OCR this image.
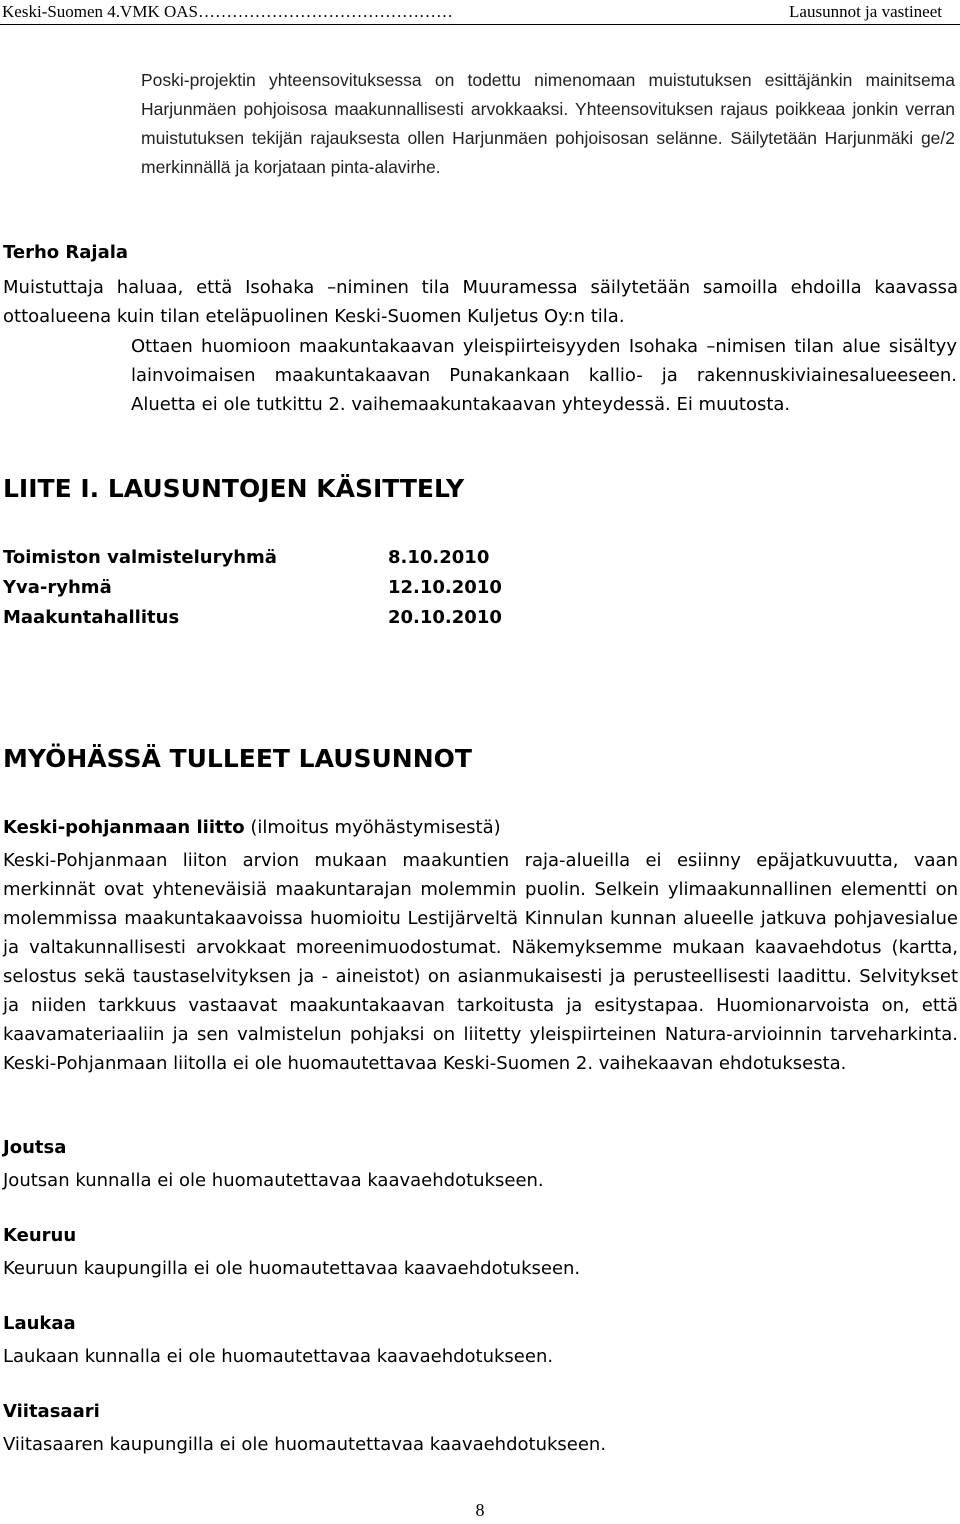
Keski-Suomen 4.VMK OAS………………………………………	Lausunnot ja vastineet
Poski-projektin yhteensovituksessa on todettu nimenomaan muistutuksen esittäjänkin mainitsema Harjunmäen pohjoisosa maakunnallisesti arvokkaaksi. Yhteensovituksen rajaus poikkeaa jonkin verran muistutuksen tekijän rajauksesta ollen Harjunmäen pohjoisosan selänne. Säilytetään Harjunmäki ge/2 merkinnällä ja korjataan pinta-alavirhe.
Terho Rajala
Muistuttaja haluaa, että Isohaka –niminen tila Muuramessa säilytetään samoilla ehdoilla kaavassa ottoalueena kuin tilan eteläpuolinen Keski-Suomen Kuljetus Oy:n tila.
Ottaen huomioon maakuntakaavan yleispiirteisyyden Isohaka –nimisen tilan alue sisältyy lainvoimaisen maakuntakaavan Punakankaan kallio- ja rakennuskiviainesalueeseen. Aluetta ei ole tutkittu 2. vaihemaakuntakaavan yhteydessä. Ei muutosta.
LIITE I. LAUSUNTOJEN KÄSITTELY
Toimiston valmisteluryhmä	8.10.2010
Yva-ryhmä	12.10.2010
Maakuntahallitus	20.10.2010
MYÖHÄSSÄ TULLEET LAUSUNNOT
Keski-pohjanmaan liitto (ilmoitus myöhästymisestä)
Keski-Pohjanmaan liiton arvion mukaan maakuntien raja-alueilla ei esiinny epäjatkuvuutta, vaan merkinnät ovat yhteneväisiä maakuntarajan molemmin puolin. Selkein ylimaakunnallinen elementti on molemmissa maakuntakaavoissa huomioitu Lestijärveltä Kinnulan kunnan alueelle jatkuva pohjavesialue ja valtakunnallisesti arvokkaat moreenimuodostumat. Näkemyksemme mukaan kaavaehdotus (kartta, selostus sekä taustaselvityksen ja - aineistot) on asianmukaisesti ja perusteellisesti laadittu. Selvitykset ja niiden tarkkuus vastaavat maakuntakaavan tarkoitusta ja esitystapaa. Huomionarvoista on, että kaavamateriaaliin ja sen valmistelun pohjaksi on liitetty yleispiirteinen Natura-arvioinnin tarveharkinta. Keski-Pohjanmaan liitolla ei ole huomautettavaa Keski-Suomen 2. vaihekaavan ehdotuksesta.
Joutsa
Joutsan kunnalla ei ole huomautettavaa kaavaehdotukseen.
Keuruu
Keuruun kaupungilla ei ole huomautettavaa kaavaehdotukseen.
Laukaa
Laukaan kunnalla ei ole huomautettavaa kaavaehdotukseen.
Viitasaari
Viitasaaren kaupungilla ei ole huomautettavaa kaavaehdotukseen.
8
